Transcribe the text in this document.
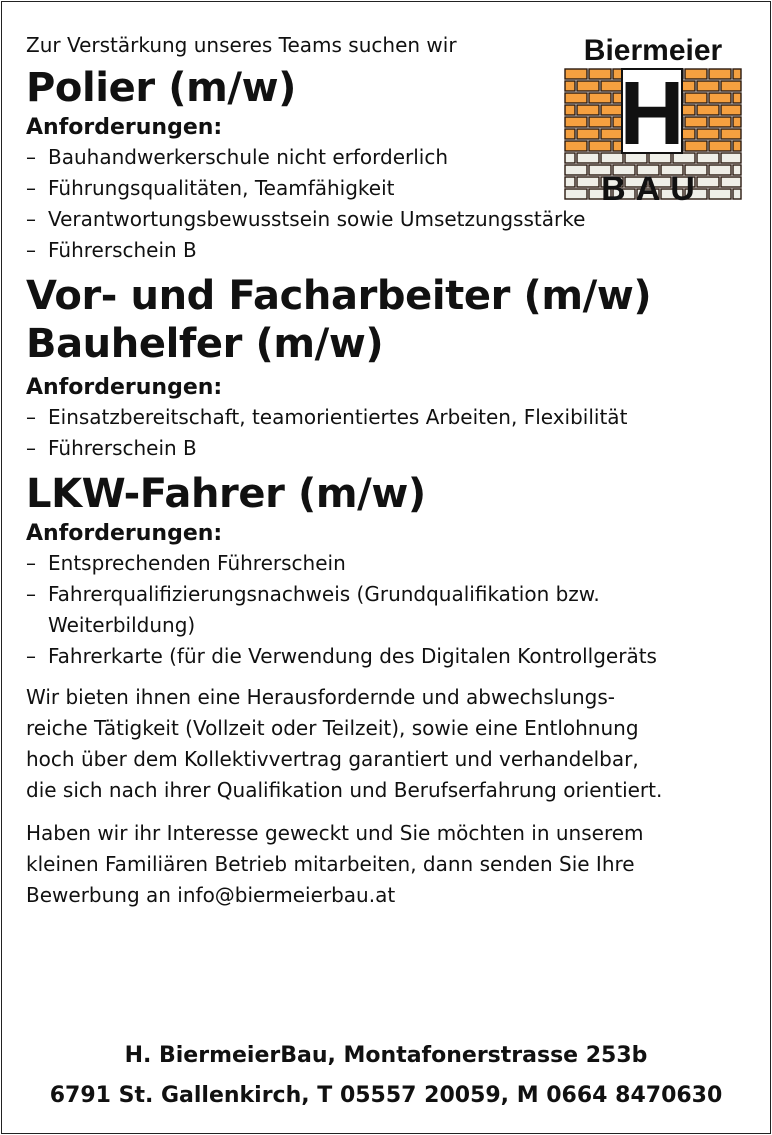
Biermeier
H
BAU
Zur Verstärkung unseres Teams suchen wir
Polier (m/w)
Anforderungen:
– Bauhandwerkerschule nicht erforderlich
– Führungsqualitäten, Teamfähigkeit
– Verantwortungsbewusstsein sowie Umsetzungsstärke
– Führerschein B
Vor- und Facharbeiter (m/w)
Bauhelfer (m/w)
Anforderungen:
– Einsatzbereitschaft, teamorientiertes Arbeiten, Flexibilität
– Führerschein B
LKW-Fahrer (m/w)
Anforderungen:
– Entsprechenden Führerschein
– Fahrerqualifizierungsnachweis (Grundqualifikation bzw.
Weiterbildung)
– Fahrerkarte (für die Verwendung des Digitalen Kontrollgeräts
Wir bieten ihnen eine Herausfordernde und abwechslungs-
reiche Tätigkeit (Vollzeit oder Teilzeit), sowie eine Entlohnung
hoch über dem Kollektivvertrag garantiert und verhandelbar,
die sich nach ihrer Qualifikation und Berufserfahrung orientiert.
Haben wir ihr Interesse geweckt und Sie möchten in unserem
kleinen Familiären Betrieb mitarbeiten, dann senden Sie Ihre
Bewerbung an info@biermeierbau.at
H. BiermeierBau, Montafonerstrasse 253b
6791 St. Gallenkirch, T 05557 20059, M 0664 8470630
